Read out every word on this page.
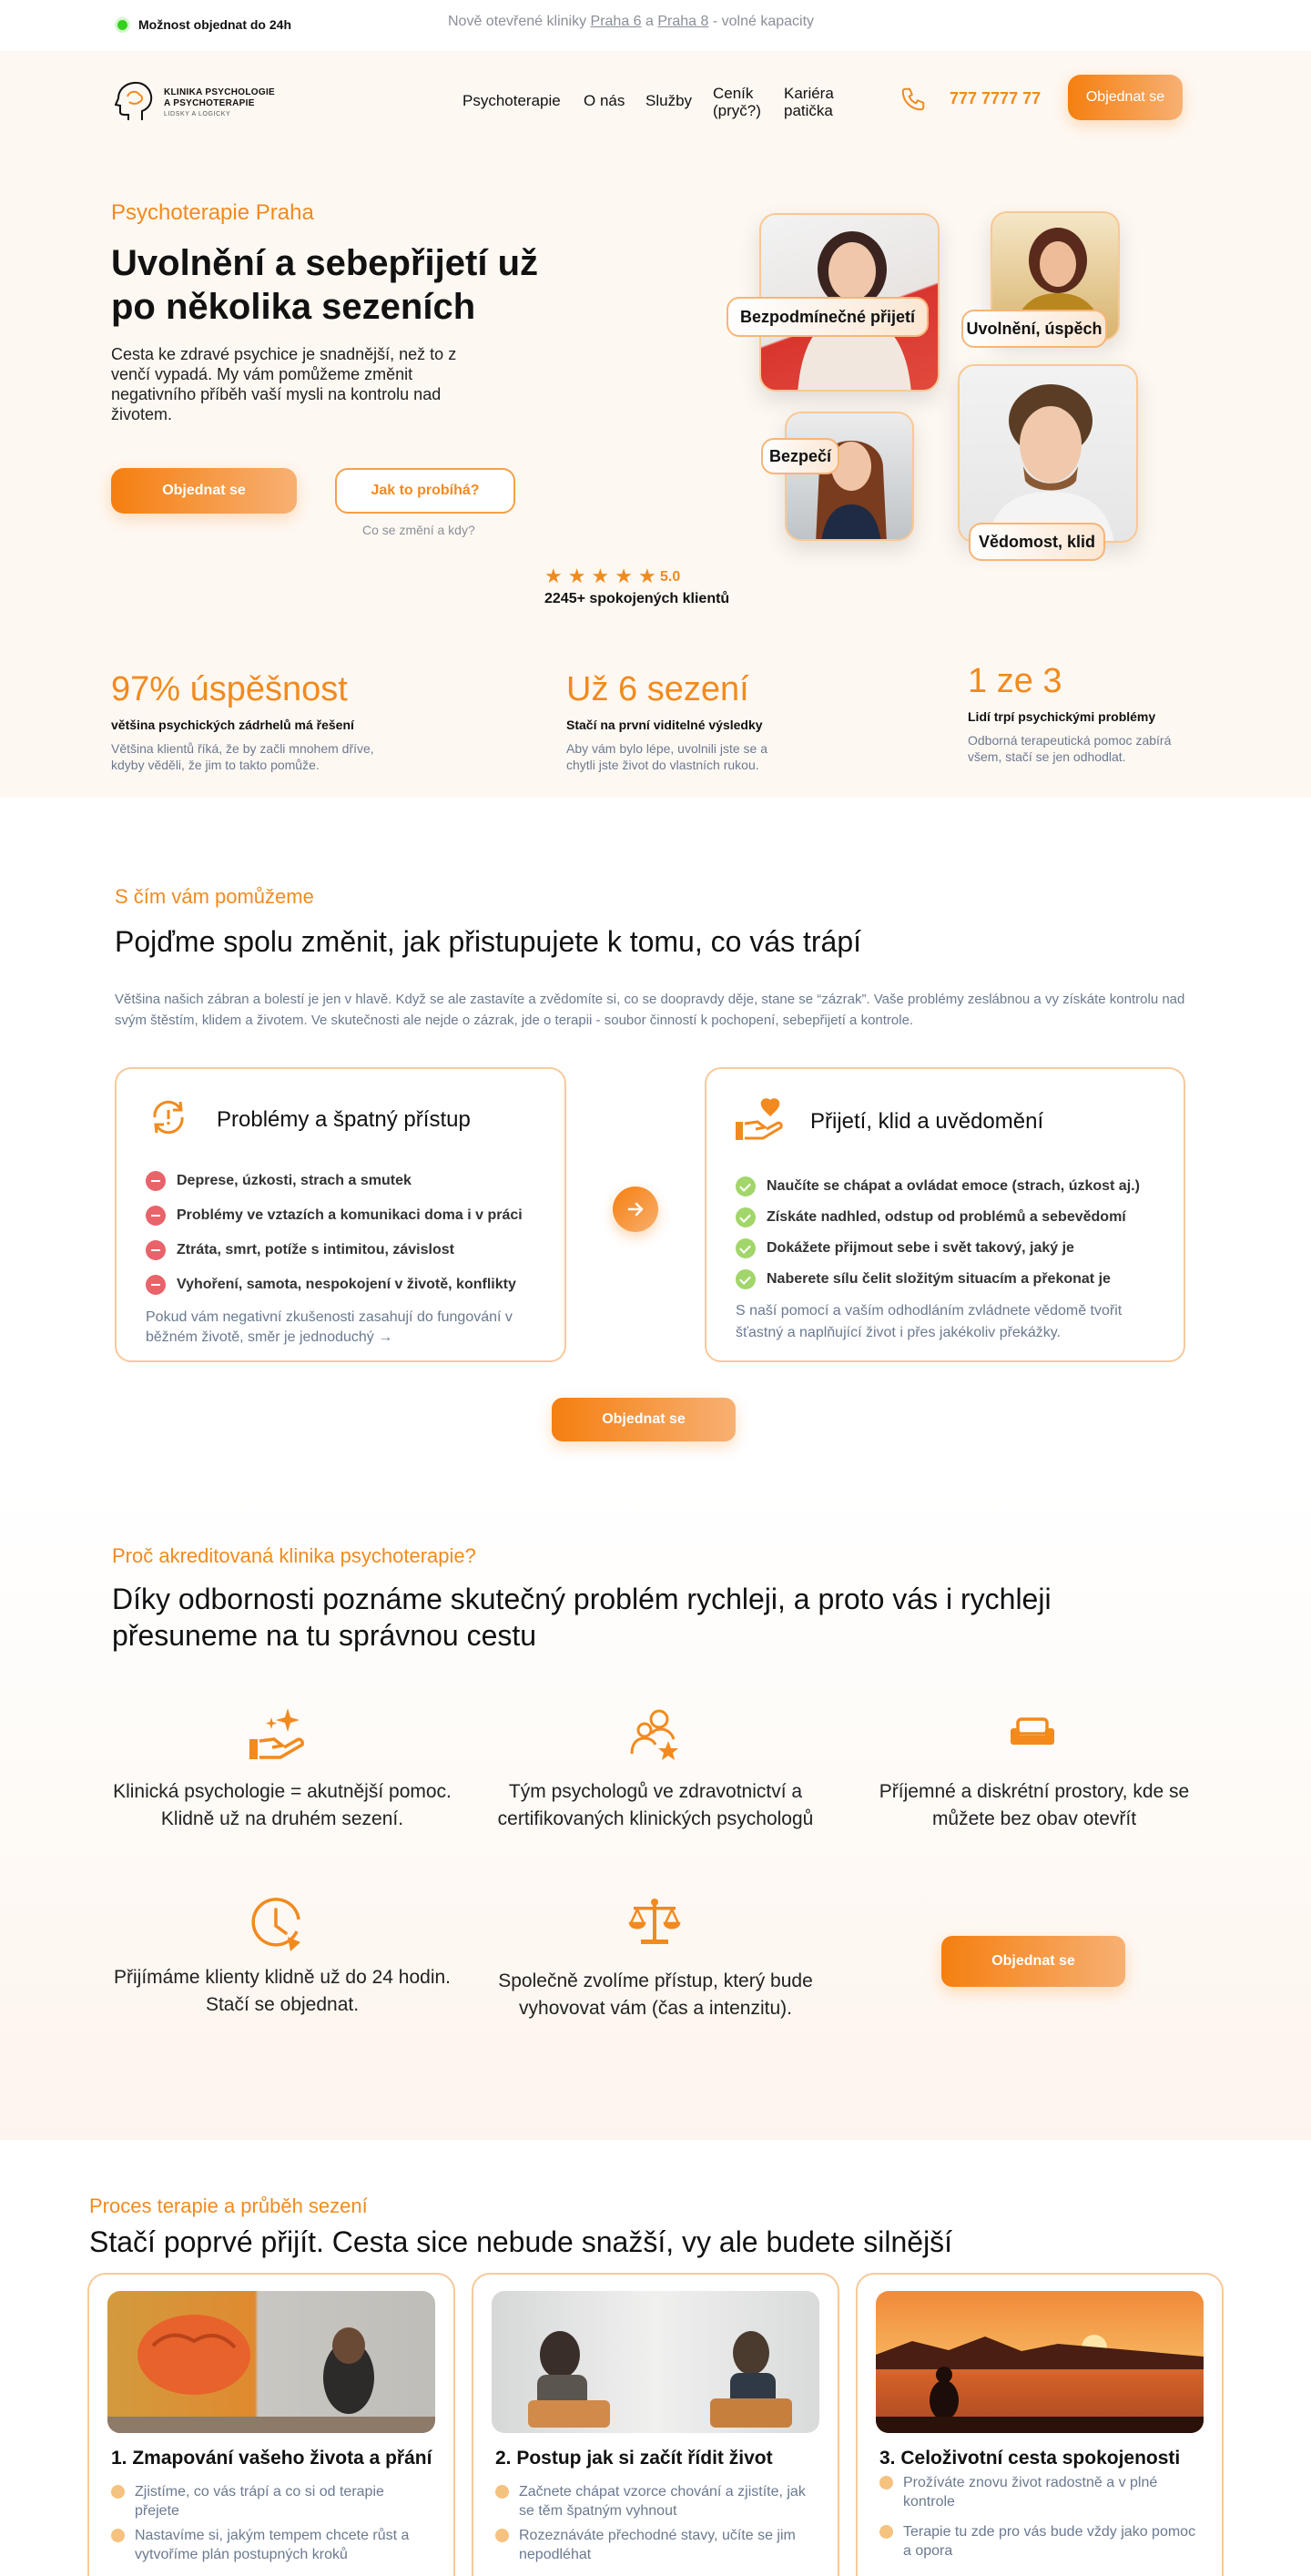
Možnost objednat do 24h	Nově otevřené kliniky Praha 6 a Praha 8 - volné kapacity
KLINIKA PSYCHOLOGIE
A PSYCHOTERAPIE
LIDSKY A LOGICKY
Psychoterapie O nás Služby Ceník
(pryč?)
Kariéra
patička
777 7777 77	Objednat se
Psychoterapie Praha
Uvolnění a sebepřijetí už
po několika sezeních
Cesta ke zdravé psychice je snadnější, než to z venčí vypadá. My vám pomůžeme změnit negativního příběh vaší mysli na kontrolu nad životem.
Objednat se	Jak to probíhá?
Co se změní a kdy?
Bezpodmínečné přijetí
Uvolnění, úspěch
Bezpečí
Vědomost, klid
★★★★★
5.0
2245+ spokojených klientů
97% úspěšnost
většina psychických zádrhelů má řešení
Většina klientů říká, že by začli mnohem dříve, kdyby věděli, že jim to takto pomůže.
Už 6 sezení
Stačí na první viditelné výsledky
Aby vám bylo lépe, uvolnili jste se a chytli jste život do vlastních rukou.
1 ze 3
Lidí trpí psychickými problémy
Odborná terapeutická pomoc zabírá všem, stačí se jen odhodlat.
S čím vám pomůžeme
Pojďme spolu změnit, jak přistupujete k tomu, co vás trápí
Většina našich zábran a bolestí je jen v hlavě. Když se ale zastavíte a zvědomíte si, co se doopravdy děje, stane se “zázrak”. Vaše problémy zeslábnou a vy získáte kontrolu nad svým štěstím, klidem a životem. Ve skutečnosti ale nejde o zázrak, jde o terapii - soubor činností k pochopení, sebepřijetí a kontrole.
Problémy a špatný přístup
Deprese, úzkosti, strach a smutek
Problémy ve vztazích a komunikaci doma i v práci
Ztráta, smrt, potíže s intimitou, závislost
Vyhoření, samota, nespokojení v životě, konflikty
Pokud vám negativní zkušenosti zasahují do fungování v běžném životě, směr je jednoduchý →
Přijetí, klid a uvědomění
Naučíte se chápat a ovládat emoce (strach, úzkost aj.)
Získáte nadhled, odstup od problémů a sebevědomí
Dokážete přijmout sebe i svět takový, jaký je
Naberete sílu čelit složitým situacím a překonat je
S naší pomocí a vaším odhodláním zvládnete vědomě tvořit šťastný a naplňující život i přes jakékoliv překážky.
Objednat se
Proč akreditovaná klinika psychoterapie?
Díky odbornosti poznáme skutečný problém rychleji, a proto vás i rychleji
přesuneme na tu správnou cestu
Klinická psychologie = akutnější pomoc.
Klidně už na druhém sezení.
Tým psychologů ve zdravotnictví a
certifikovaných klinických psychologů
Příjemné a diskrétní prostory, kde se
můžete bez obav otevřít
Přijímáme klienty klidně už do 24 hodin.
Stačí se objednat.
Společně zvolíme přístup, který bude
vyhovovat vám (čas a intenzitu).
Objednat se
Proces terapie a průběh sezení
Stačí poprvé přijít. Cesta sice nebude snažší, vy ale budete silnější
1. Zmapování vašeho života a přání
Zjistíme, co vás trápí a co si od terapie přejete
Nastavíme si, jakým tempem chcete růst a vytvoříme plán postupných kroků
2. Postup jak si začít řídit život
Začnete chápat vzorce chování a zjistíte, jak se těm špatným vyhnout
Rozeznáváte přechodné stavy, učíte se jim nepodléhat
3. Celoživotní cesta spokojenosti
Prožíváte znovu život radostně a v plné kontrole
Terapie tu zde pro vás bude vždy jako pomoc a opora
